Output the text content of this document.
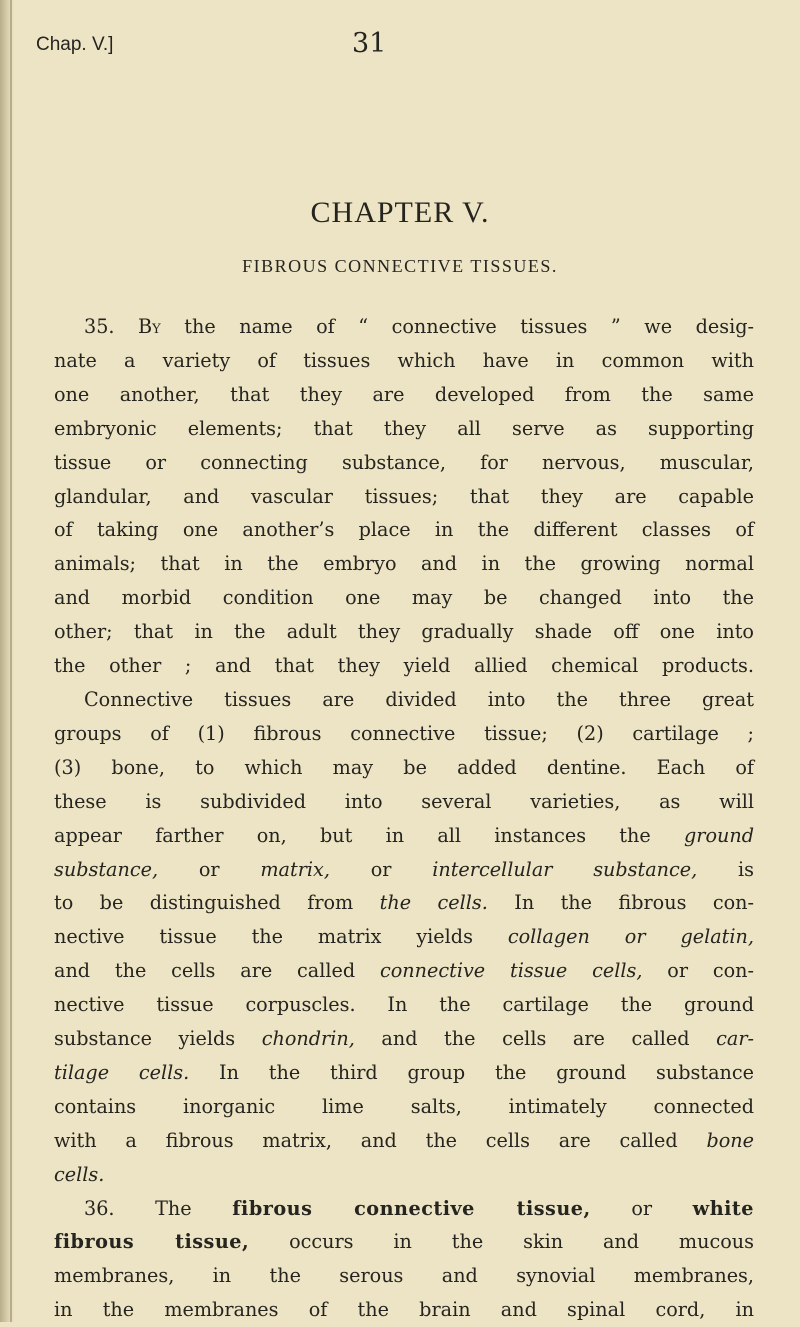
Chap. V.]	31
CHAPTER V.
FIBROUS CONNECTIVE TISSUES.

35. By the name of “ connective tissues ” we desig-
nate a variety of tissues which have in common with
one another, that they are developed from the same
embryonic elements; that they all serve as supporting
tissue or connecting substance, for nervous, muscular,
glandular, and vascular tissues; that they are capable
of taking one another’s place in the different classes of
animals; that in the embryo and in the growing normal
and morbid condition one may be changed into the
other; that in the adult they gradually shade off one into
the other ; and that they yield allied chemical products.

Connective tissues are divided into the three great
groups of (1) fibrous connective tissue; (2) cartilage ;
(3) bone, to which may be added dentine. Each of
these is subdivided into several varieties, as will
appear farther on, but in all instances the ground
substance, or matrix, or intercellular substance, is
to be distinguished from the cells. In the fibrous con-
nective tissue the matrix yields collagen or gelatin,
and the cells are called connective tissue cells, or con-
nective tissue corpuscles. In the cartilage the ground
substance yields chondrin, and the cells are called car-
tilage cells. In the third group the ground substance
contains inorganic lime salts, intimately connected
with a fibrous matrix, and the cells are called bone
cells.

36. The fibrous connective tissue, or white
fibrous tissue, occurs in the skin and mucous
membranes, in the serous and synovial membranes,
in the membranes of the brain and spinal cord, in
